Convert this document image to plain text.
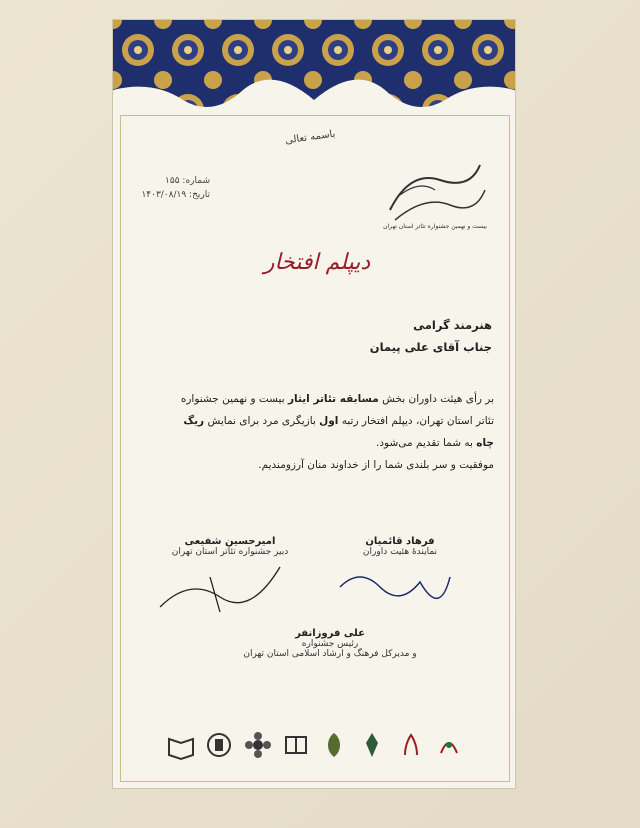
باسمه تعالی
بیست و نهمین جشنواره تئاتر استان تهران
شماره: ۱۵۵
تاریخ: ۱۴۰۳/۰۸/۱۹
دیپلم افتخار
هنرمند گرامی
جناب آقای علی پیمان
بر رأی هیئت داوران بخش مسابقه تئاتر ایثار بیست و نهمین جشنواره تئاتر استان تهران، دیپلم افتخار رتبه اول بازیگری مرد برای نمایش ریگ چاه به شما تقدیم می‌شود.
موفقیت و سر بلندی شما را از خداوند منان آرزومندیم.
فرهاد قائمیان
نمایندهٔ هئیت داوران
امیرحسین شفیعی
دبیر جشنواره تئاتر استان تهران
علی فروزانفر
رئیس جشنواره
و مدیرکل فرهنگ و ارشاد اسلامی استان تهران
